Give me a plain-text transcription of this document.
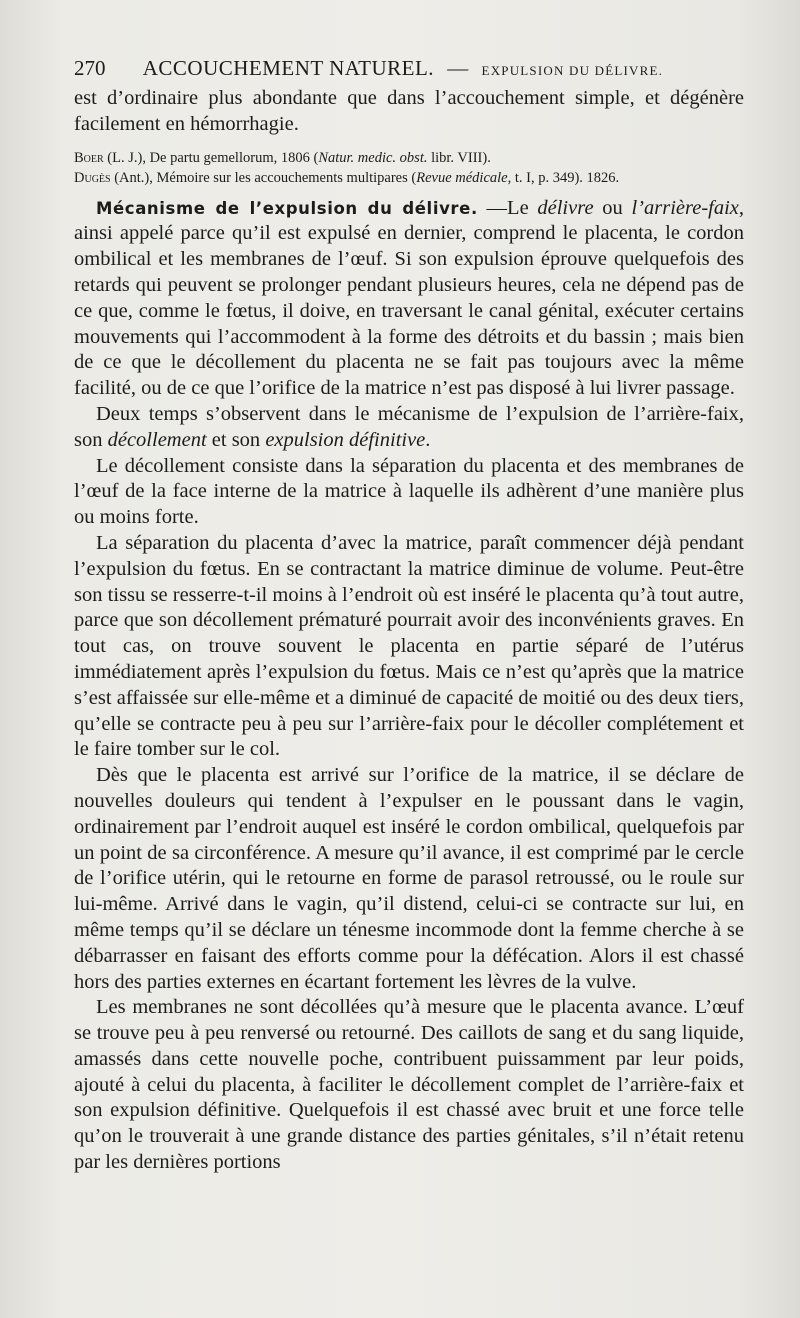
270 ACCOUCHEMENT NATUREL. — EXPULSION DU DÉLIVRE.

est d’ordinaire plus abondante que dans l’accouchement simple, et dégénère facilement en hémorrhagie.

Boer (L. J.), De partu gemellorum, 1806 (Natur. medic. obst. libr. VIII).

Dugès (Ant.), Mémoire sur les accouchements multipares (Revue médicale, t. I, p. 349). 1826.

Mécanisme de l’expulsion du délivre. —Le délivre ou l’arrière-faix, ainsi appelé parce qu’il est expulsé en dernier, comprend le placenta, le cordon ombilical et les membranes de l’œuf. Si son expulsion éprouve quelquefois des retards qui peuvent se prolonger pendant plusieurs heures, cela ne dépend pas de ce que, comme le fœtus, il doive, en traversant le canal génital, exécuter certains mouvements qui l’accommodent à la forme des détroits et du bassin ; mais bien de ce que le décollement du placenta ne se fait pas toujours avec la même facilité, ou de ce que l’orifice de la matrice n’est pas disposé à lui livrer passage.

Deux temps s’observent dans le mécanisme de l’expulsion de l’arrière-faix, son décollement et son expulsion définitive.

Le décollement consiste dans la séparation du placenta et des membranes de l’œuf de la face interne de la matrice à laquelle ils adhèrent d’une manière plus ou moins forte.

La séparation du placenta d’avec la matrice, paraît commencer déjà pendant l’expulsion du fœtus. En se contractant la matrice diminue de volume. Peut-être son tissu se resserre-t-il moins à l’endroit où est inséré le placenta qu’à tout autre, parce que son décollement prématuré pourrait avoir des inconvénients graves. En tout cas, on trouve souvent le placenta en partie séparé de l’utérus immédiatement après l’expulsion du fœtus. Mais ce n’est qu’après que la matrice s’est affaissée sur elle-même et a diminué de capacité de moitié ou des deux tiers, qu’elle se contracte peu à peu sur l’arrière-faix pour le décoller complétement et le faire tomber sur le col.

Dès que le placenta est arrivé sur l’orifice de la matrice, il se déclare de nouvelles douleurs qui tendent à l’expulser en le poussant dans le vagin, ordinairement par l’endroit auquel est inséré le cordon ombilical, quelquefois par un point de sa circonférence. A mesure qu’il avance, il est comprimé par le cercle de l’orifice utérin, qui le retourne en forme de parasol retroussé, ou le roule sur lui-même. Arrivé dans le vagin, qu’il distend, celui-ci se contracte sur lui, en même temps qu’il se déclare un ténesme incommode dont la femme cherche à se débarrasser en faisant des efforts comme pour la défécation. Alors il est chassé hors des parties externes en écartant fortement les lèvres de la vulve.

Les membranes ne sont décollées qu’à mesure que le placenta avance. L’œuf se trouve peu à peu renversé ou retourné. Des caillots de sang et du sang liquide, amassés dans cette nouvelle poche, contribuent puissamment par leur poids, ajouté à celui du placenta, à faciliter le décollement complet de l’arrière-faix et son expulsion définitive. Quelquefois il est chassé avec bruit et une force telle qu’on le trouverait à une grande distance des parties génitales, s’il n’était retenu par les dernières portions
